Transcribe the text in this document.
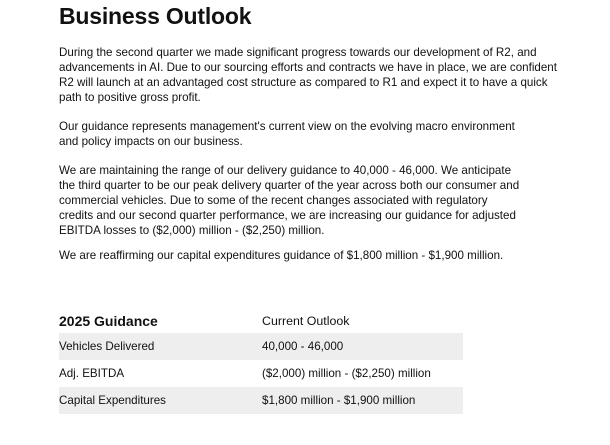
Business Outlook

During the second quarter we made significant progress towards our development of R2, and
advancements in AI. Due to our sourcing efforts and contracts we have in place, we are confident
R2 will launch at an advantaged cost structure as compared to R1 and expect it to have a quick
path to positive gross profit.

Our guidance represents management's current view on the evolving macro environment
and policy impacts on our business.

We are maintaining the range of our delivery guidance to 40,000 - 46,000. We anticipate
the third quarter to be our peak delivery quarter of the year across both our consumer and
commercial vehicles. Due to some of the recent changes associated with regulatory
credits and our second quarter performance, we are increasing our guidance for adjusted
EBITDA losses to ($2,000) million - ($2,250) million.

We are reaffirming our capital expenditures guidance of $1,800 million - $1,900 million.

2025 Guidance	Current Outlook
Vehicles Delivered	40,000 - 46,000
Adj. EBITDA	($2,000) million - ($2,250) million
Capital Expenditures	$1,800 million - $1,900 million
